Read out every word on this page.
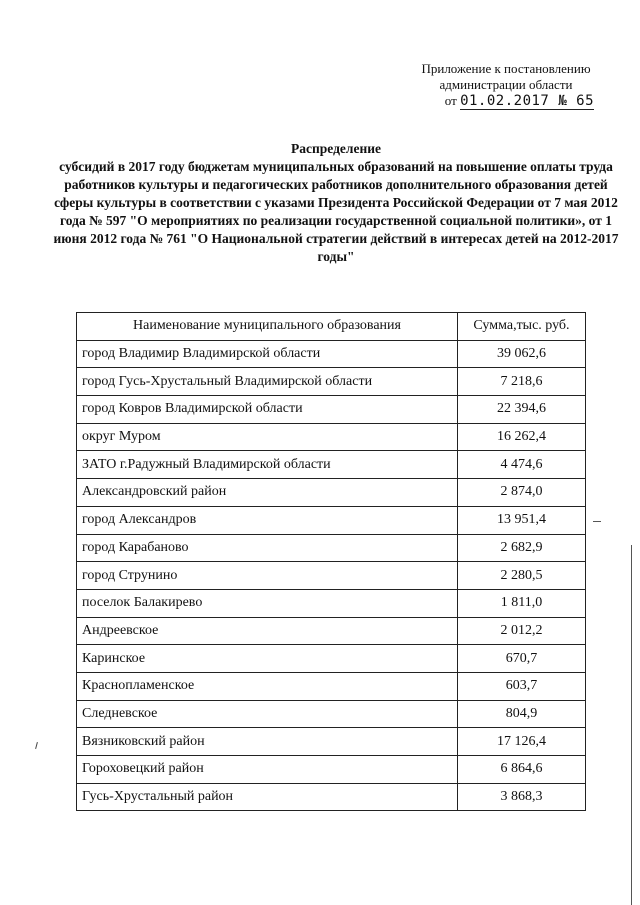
Приложение к постановлению
администрации области
от 01.02.2017 № 65

Распределение

субсидий в 2017 году бюджетам муниципальных образований на повышение оплаты труда работников культуры и педагогических работников дополнительного образования детей сферы культуры в соответствии с указами Президента Российской Федерации от 7 мая 2012 года № 597 "О мероприятиях по реализации государственной социальной политики», от 1 июня 2012 года № 761 "О Национальной стратегии действий в интересах детей на 2012-2017 годы"

Наименование муниципального образования	Сумма,тыс. руб.
город Владимир Владимирской области	39 062,6
город Гусь-Хрустальный Владимирской области	7 218,6
город Ковров Владимирской области	22 394,6
округ Муром	16 262,4
ЗАТО г.Радужный Владимирской области	4 474,6
Александровский район	2 874,0
город Александров	13 951,4
город Карабаново	2 682,9
город Струнино	2 280,5
поселок Балакирево	1 811,0
Андреевское	2 012,2
Каринское	670,7
Краснопламенское	603,7
Следневское	804,9
Вязниковский район	17 126,4
Гороховецкий район	6 864,6
Гусь-Хрустальный район	3 868,3
